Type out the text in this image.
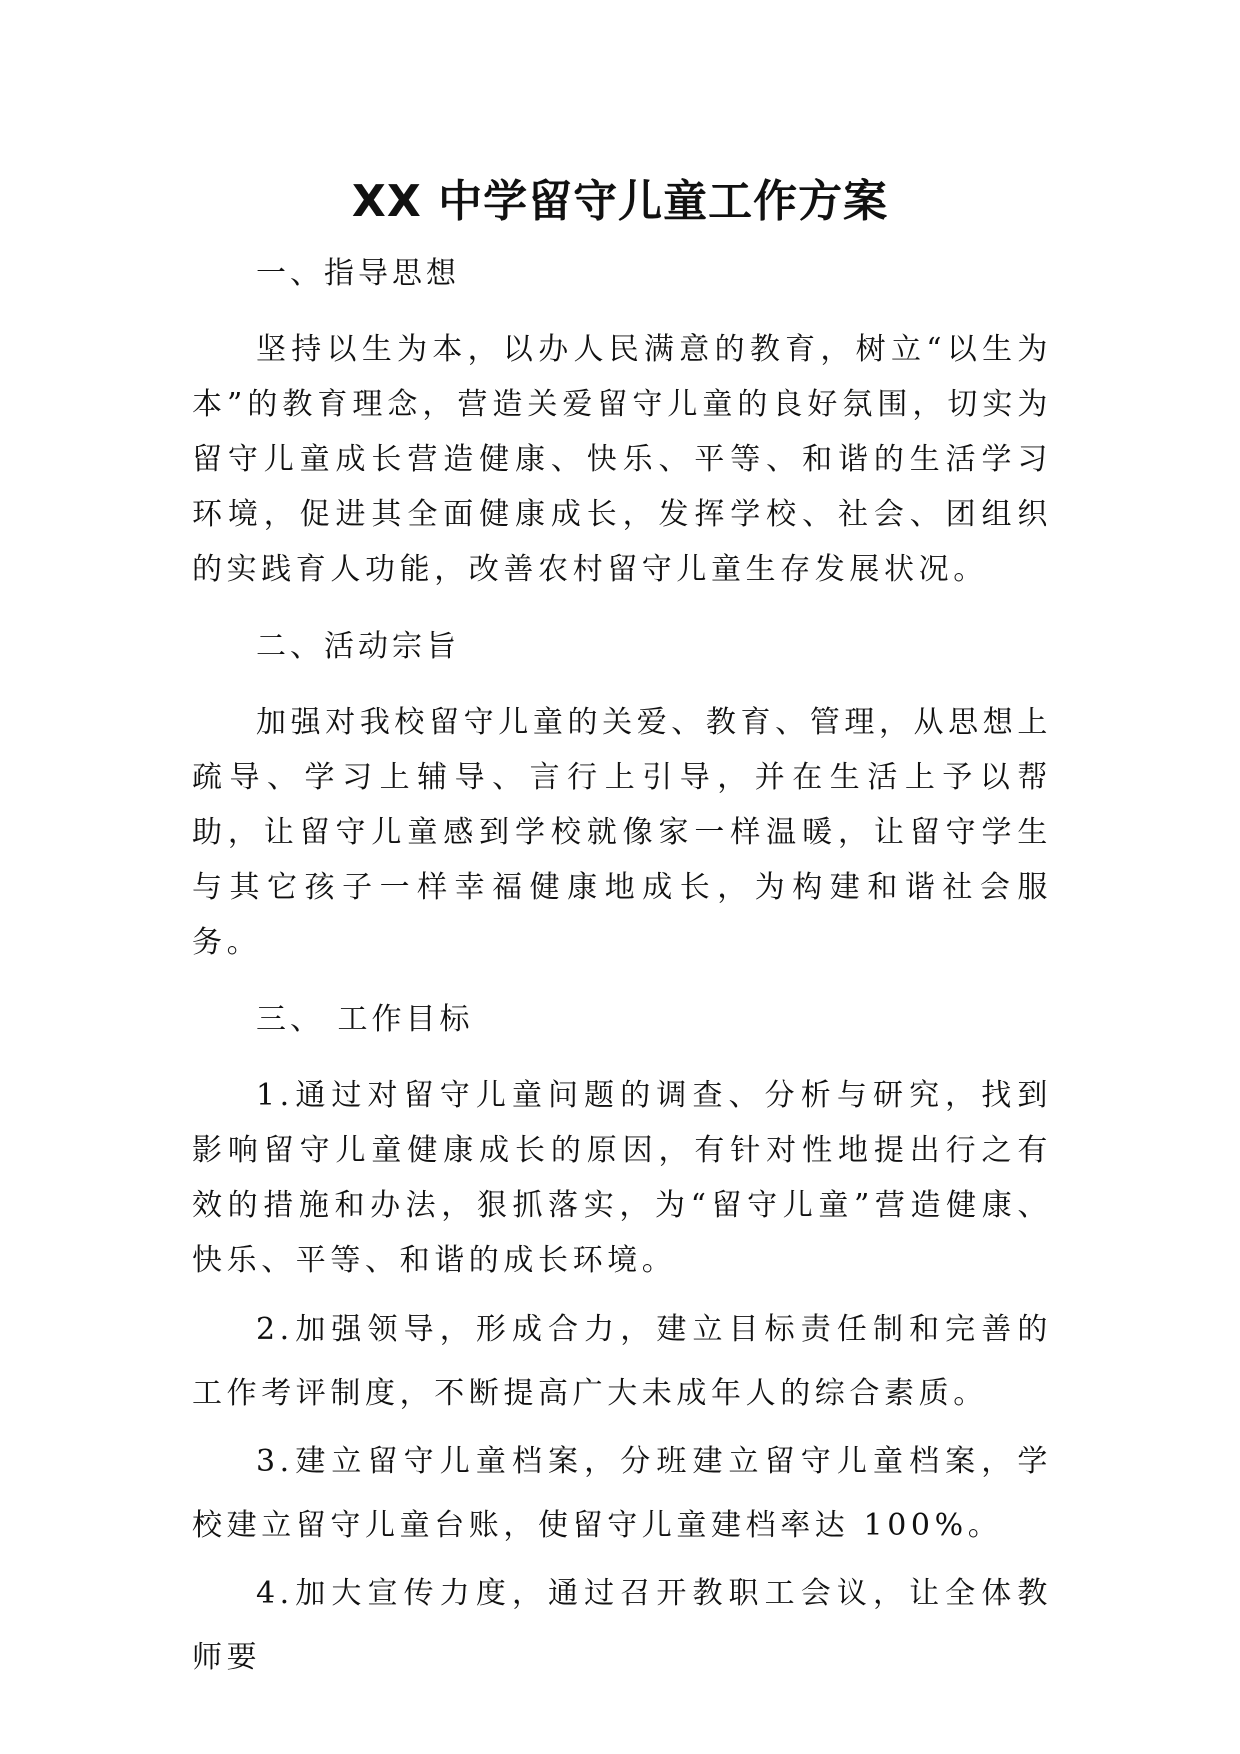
XX 中学留守儿童工作方案

一、指导思想

坚持以生为本，以办人民满意的教育，树立“以生为本”的教育理念，营造关爱留守儿童的良好氛围，切实为留守儿童成长营造健康、快乐、平等、和谐的生活学习环境，促进其全面健康成长，发挥学校、社会、团组织的实践育人功能，改善农村留守儿童生存发展状况。

二、活动宗旨

加强对我校留守儿童的关爱、教育、管理，从思想上疏导、学习上辅导、言行上引导，并在生活上予以帮助，让留守儿童感到学校就像家一样温暖，让留守学生与其它孩子一样幸福健康地成长，为构建和谐社会服务。

三、 工作目标

1.通过对留守儿童问题的调查、分析与研究，找到影响留守儿童健康成长的原因，有针对性地提出行之有效的措施和办法，狠抓落实，为“留守儿童”营造健康、快乐、平等、和谐的成长环境。

2.加强领导，形成合力，建立目标责任制和完善的工作考评制度，不断提高广大未成年人的综合素质。

3.建立留守儿童档案，分班建立留守儿童档案，学校建立留守儿童台账，使留守儿童建档率达 100%。

4.加大宣传力度，通过召开教职工会议，让全体教师要
